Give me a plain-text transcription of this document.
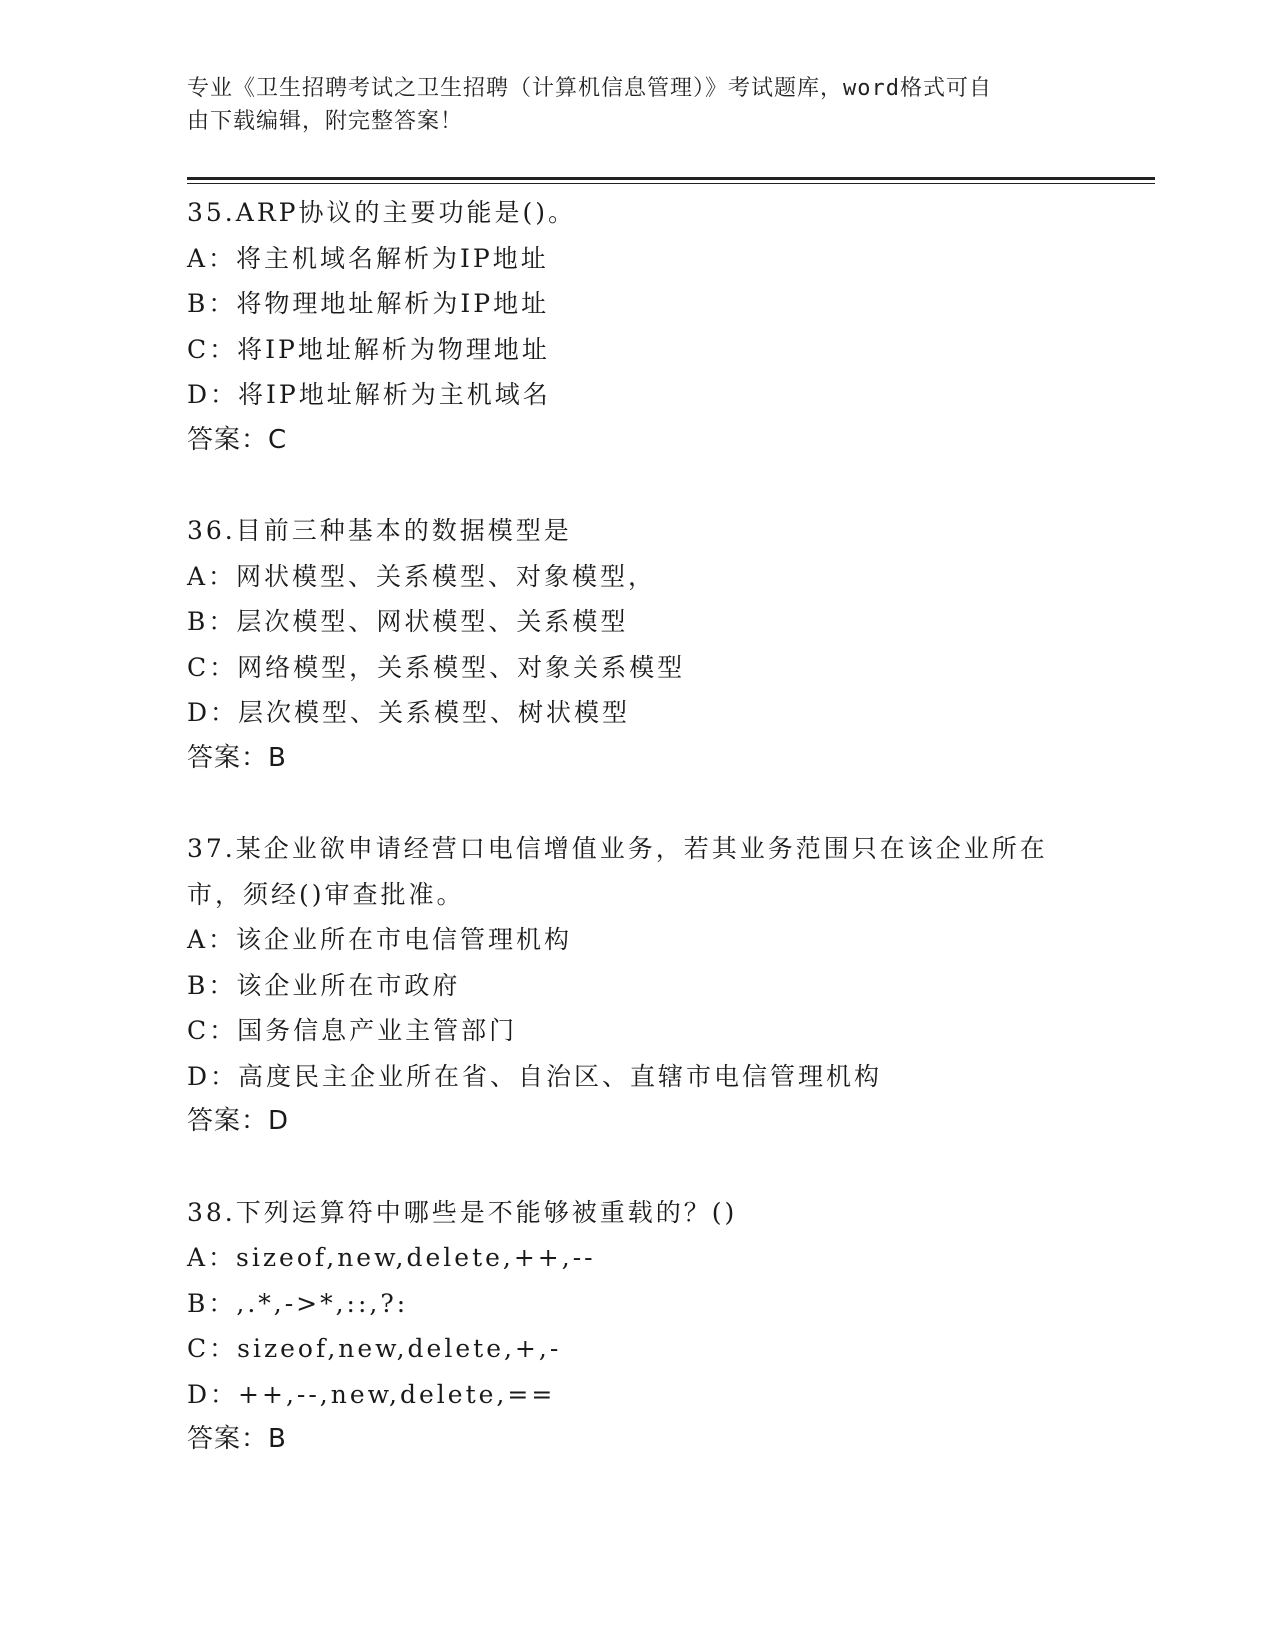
专业《卫生招聘考试之卫生招聘（计算机信息管理）》考试题库，word格式可自
由下载编辑，附完整答案！
35.ARP协议的主要功能是()。
A：将主机域名解析为IP地址
B：将物理地址解析为IP地址
C：将IP地址解析为物理地址
D：将IP地址解析为主机域名
答案：C
36.目前三种基本的数据模型是
A：网状模型、关系模型、对象模型，
B：层次模型、网状模型、关系模型
C：网络模型，关系模型、对象关系模型
D：层次模型、关系模型、树状模型
答案：B
37.某企业欲申请经营口电信增值业务，若其业务范围只在该企业所在
市，须经()审查批准。
A：该企业所在市电信管理机构
B：该企业所在市政府
C：国务信息产业主管部门
D：高度民主企业所在省、自治区、直辖市电信管理机构
答案：D
38.下列运算符中哪些是不能够被重载的？()
A：sizeof,new,delete,++,--
B：,.*,->*,::,?:
C：sizeof,new,delete,+,-
D：++,--,new,delete,==
答案：B
